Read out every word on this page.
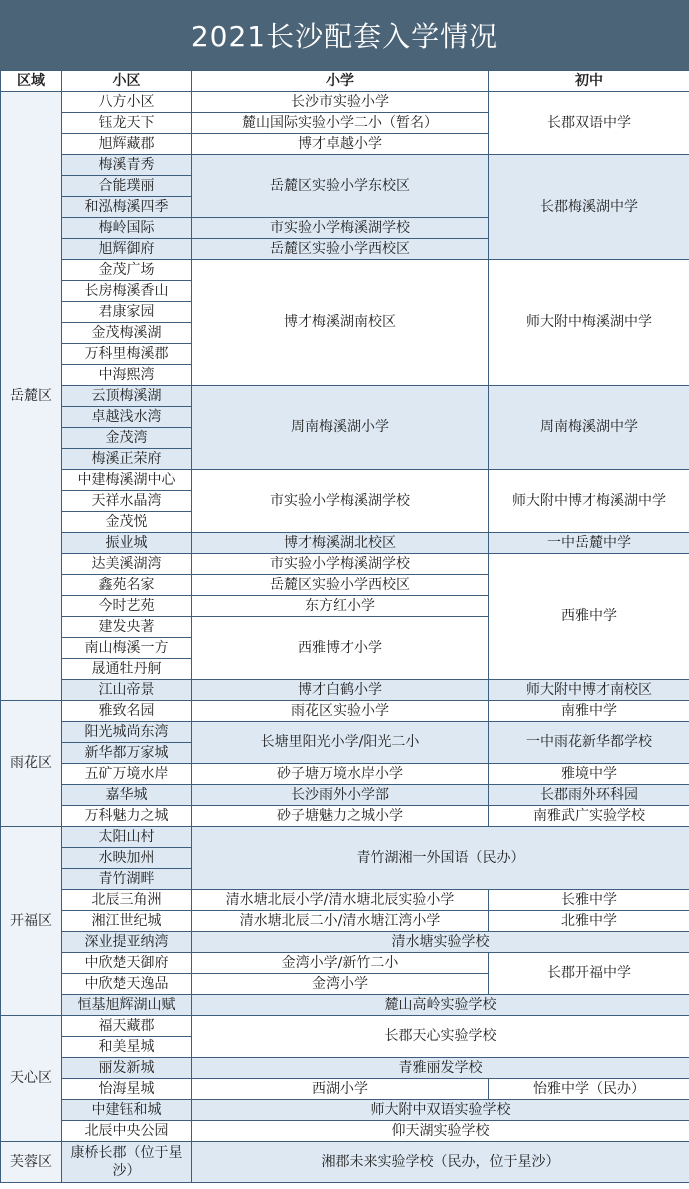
2021长沙配套入学情况
区域	小区	小学	初中
岳麓区	八方小区	长沙市实验小学	长郡双语中学
	钰龙天下	麓山国际实验小学二小（暂名）	
	旭辉藏郡	博才卓越小学	
	梅溪青秀	岳麓区实验小学东校区	长郡梅溪湖中学
	合能璞丽		
	和泓梅溪四季		
	梅岭国际	市实验小学梅溪湖学校	
	旭辉御府	岳麓区实验小学西校区	
	金茂广场	博才梅溪湖南校区	师大附中梅溪湖中学
	长房梅溪香山		
	君康家园		
	金茂梅溪湖		
	万科里梅溪郡		
	中海熙湾		
	云顶梅溪湖	周南梅溪湖小学	周南梅溪湖中学
	卓越浅水湾		
	金茂湾		
	梅溪正荣府		
	中建梅溪湖中心	市实验小学梅溪湖学校	师大附中博才梅溪湖中学
	天祥水晶湾		
	金茂悦		
	振业城	博才梅溪湖北校区	一中岳麓中学
	达美溪湖湾	市实验小学梅溪湖学校	西雅中学
	鑫苑名家	岳麓区实验小学西校区	
	今时艺苑	东方红小学	
	建发央著	西雅博才小学	
	南山梅溪一方		
	晟通牡丹舸		
	江山帝景	博才白鹤小学	师大附中博才南校区
雨花区	雅致名园	雨花区实验小学	南雅中学
	阳光城尚东湾	长塘里阳光小学/阳光二小	一中雨花新华都学校
	新华都万家城		
	五矿万境水岸	砂子塘万境水岸小学	雅境中学
	嘉华城	长沙雨外小学部	长郡雨外环科园
	万科魅力之城	砂子塘魅力之城小学	南雅武广实验学校
开福区	太阳山村	青竹湖湘一外国语（民办）	
	水映加州		
	青竹湖畔		
	北辰三角洲	清水塘北辰小学/清水塘北辰实验小学	长雅中学
	湘江世纪城	清水塘北辰二小/清水塘江湾小学	北雅中学
	深业提亚纳湾	清水塘实验学校	
	中欣楚天御府	金湾小学/新竹二小	长郡开福中学
	中欣楚天逸品	金湾小学	
	恒基旭辉湖山赋	麓山高岭实验学校	
天心区	福天藏郡	长郡天心实验学校	
	和美星城		
	丽发新城	青雅丽发学校	
	怡海星城	西湖小学	怡雅中学（民办）
	中建钰和城	师大附中双语实验学校	
	北辰中央公园	仰天湖实验学校	
芙蓉区	康桥长郡（位于星沙）	湘郡未来实验学校（民办，位于星沙）	
